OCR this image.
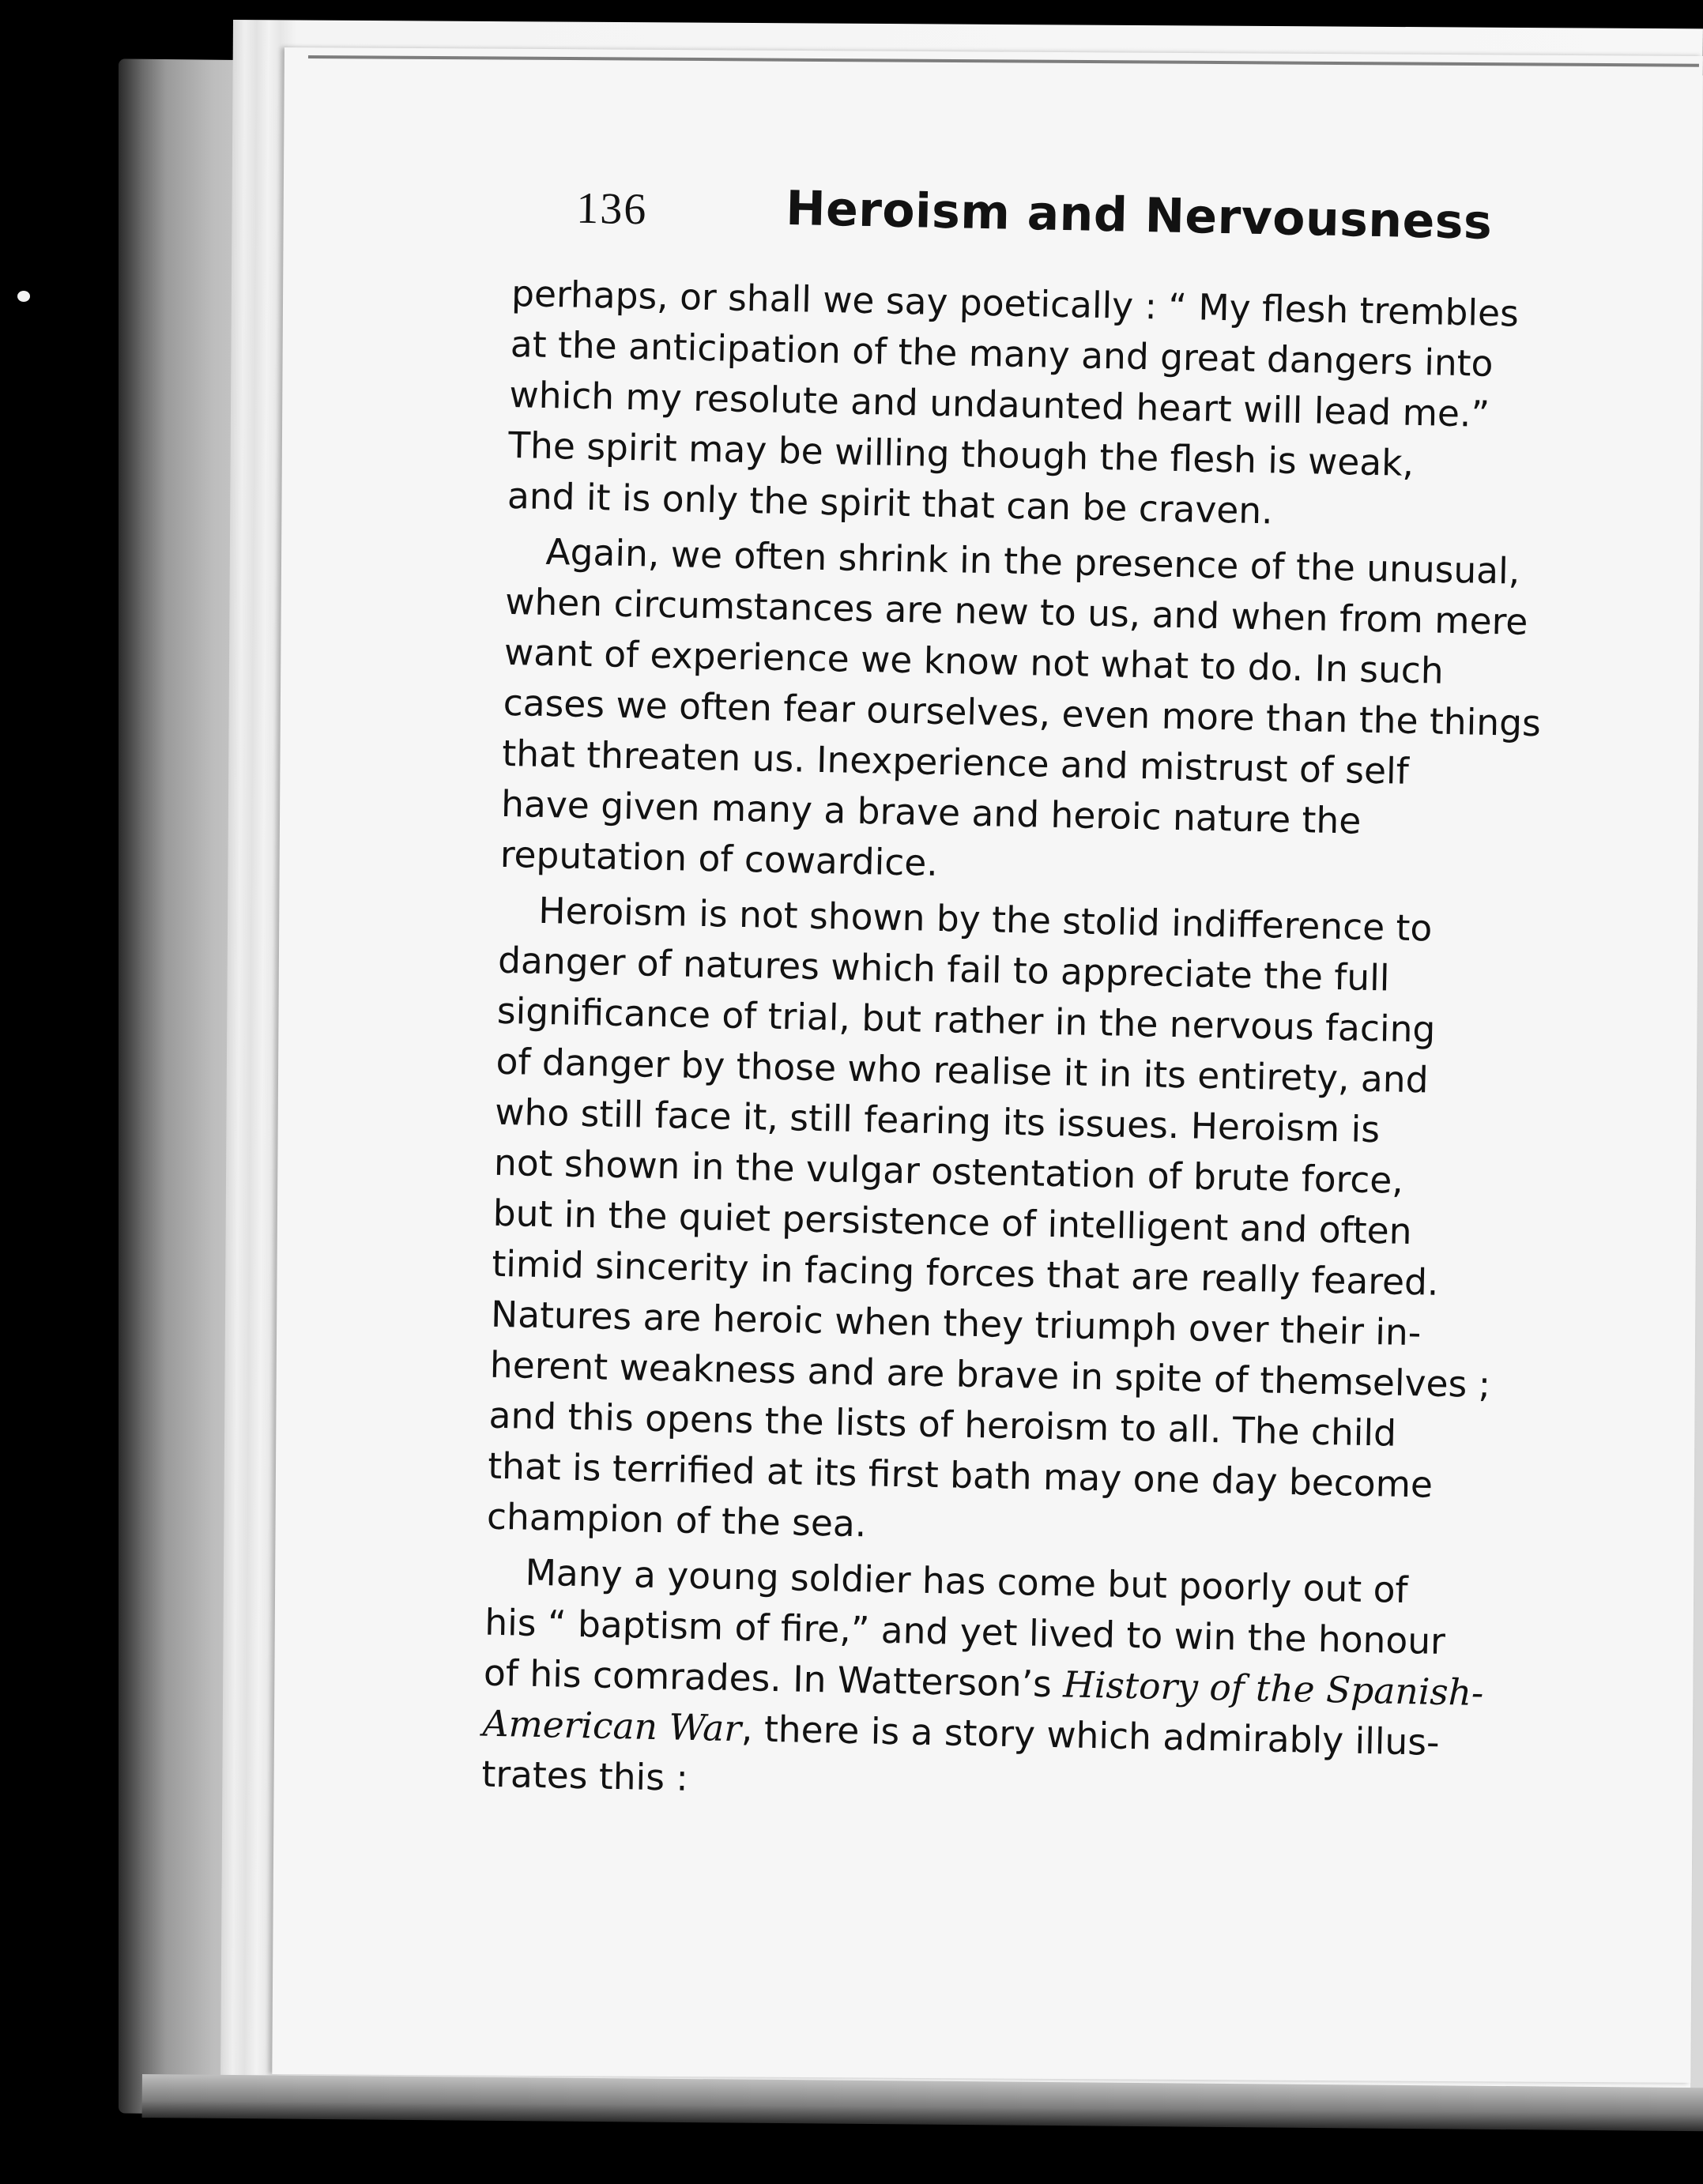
136	Heroism and Nervousness

perhaps, or shall we say poetically : “ My flesh trembles
at the anticipation of the many and great dangers into
which my resolute and undaunted heart will lead me.”
The spirit may be willing though the flesh is weak,
and it is only the spirit that can be craven.

Again, we often shrink in the presence of the unusual,
when circumstances are new to us, and when from mere
want of experience we know not what to do. In such
cases we often fear ourselves, even more than the things
that threaten us. Inexperience and mistrust of self
have given many a brave and heroic nature the
reputation of cowardice.

Heroism is not shown by the stolid indifference to
danger of natures which fail to appreciate the full
significance of trial, but rather in the nervous facing
of danger by those who realise it in its entirety, and
who still face it, still fearing its issues. Heroism is
not shown in the vulgar ostentation of brute force,
but in the quiet persistence of intelligent and often
timid sincerity in facing forces that are really feared.
Natures are heroic when they triumph over their in-
herent weakness and are brave in spite of themselves ;
and this opens the lists of heroism to all. The child
that is terrified at its first bath may one day become
champion of the sea.

Many a young soldier has come but poorly out of
his “ baptism of fire,” and yet lived to win the honour
of his comrades. In Watterson’s History of the Spanish-
American War, there is a story which admirably illus-
trates this :
